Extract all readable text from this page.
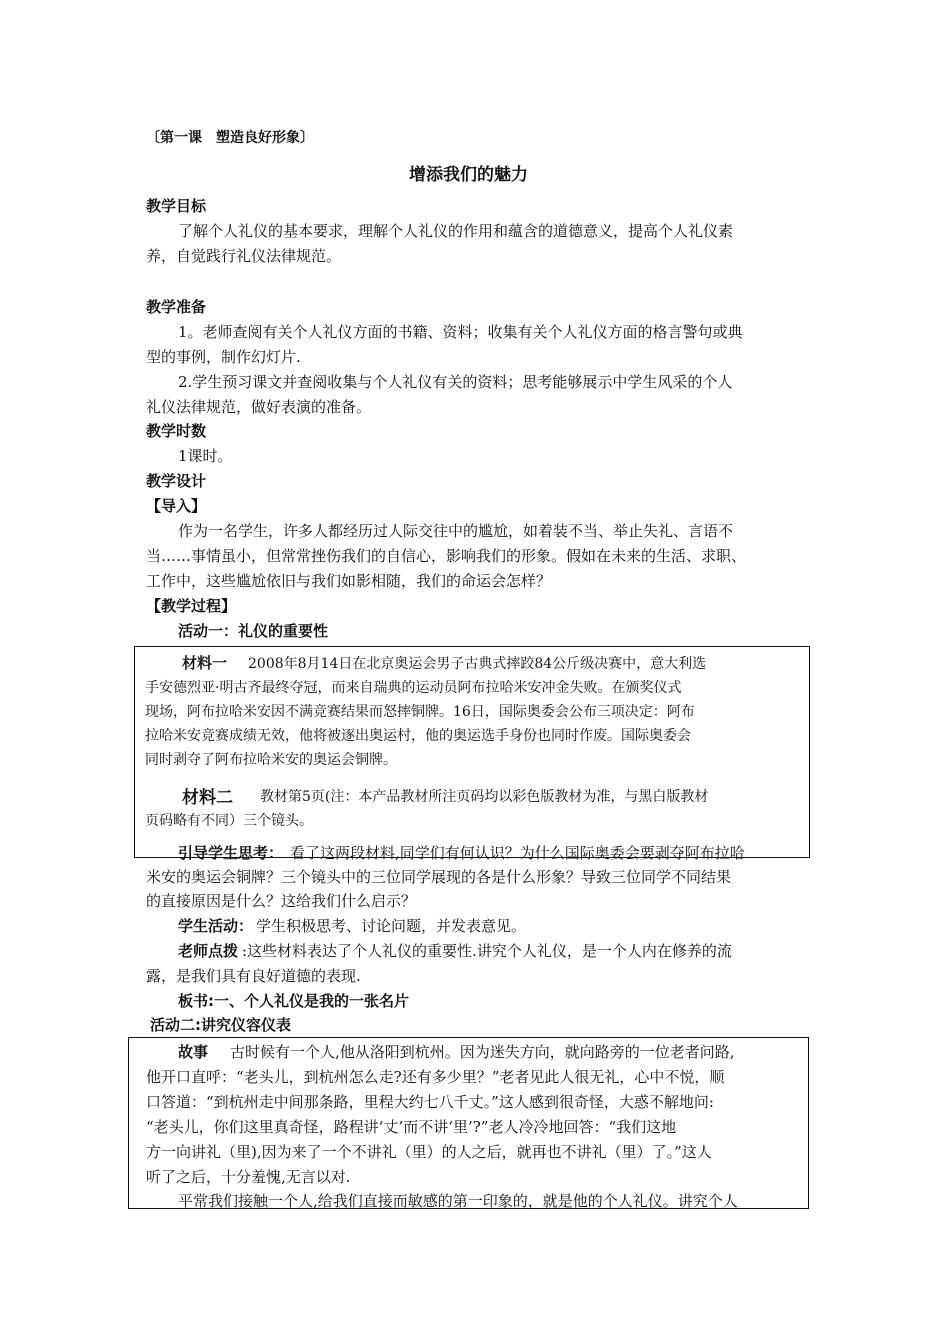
〔第一课　塑造良好形象〕
增添我们的魅力
教学目标
了解个人礼仪的基本要求，理解个人礼仪的作用和蕴含的道德意义，提高个人礼仪素
养，自觉践行礼仪法律规范。
教学准备
1。老师查阅有关个人礼仪方面的书籍、资料；收集有关个人礼仪方面的格言警句或典
型的事例，制作幻灯片.
2.学生预习课文并查阅收集与个人礼仪有关的资料；思考能够展示中学生风采的个人
礼仪法律规范，做好表演的准备。
教学时数
1课时。
教学设计
【导入】
作为一名学生，许多人都经历过人际交往中的尴尬，如着装不当、举止失礼、言语不
当……事情虽小，但常常挫伤我们的自信心，影响我们的形象。假如在未来的生活、求职、
工作中，这些尴尬依旧与我们如影相随，我们的命运会怎样？
【教学过程】
活动一：礼仪的重要性
材料一 2008年8月14日在北京奥运会男子古典式摔跤84公斤级决赛中，意大利选
手安德烈亚·明古齐最终夺冠，而来自瑞典的运动员阿布拉哈米安冲金失败。在颁奖仪式
现场，阿布拉哈米安因不满竞赛结果而怒摔铜牌。16日，国际奥委会公布三项决定：阿布
拉哈米安竞赛成绩无效，他将被逐出奥运村，他的奥运选手身份也同时作废。国际奥委会
同时剥夺了阿布拉哈米安的奥运会铜牌。
材料二 教材第5页(注：本产品教材所注页码均以彩色版教材为准，与黑白版教材
页码略有不同）三个镜头。
引导学生思考： 看了这两段材料,同学们有何认识？为什么国际奥委会要剥夺阿布拉哈
米安的奥运会铜牌？三个镜头中的三位同学展现的各是什么形象？导致三位同学不同结果
的直接原因是什么？这给我们什么启示？
学生活动： 学生积极思考、讨论问题，并发表意见。
老师点拨 :这些材料表达了个人礼仪的重要性.讲究个人礼仪，是一个人内在修养的流
露，是我们具有良好道德的表现.
板书:一、个人礼仪是我的一张名片
活动二:讲究仪容仪表
故事 古时候有一个人,他从洛阳到杭州。因为迷失方向，就向路旁的一位老者问路,
他开口直呼：“老头儿，到杭州怎么走?还有多少里？”老者见此人很无礼，心中不悦，顺
口答道：“到杭州走中间那条路，里程大约七八千丈。”这人感到很奇怪，大惑不解地问:
“老头儿，你们这里真奇怪，路程讲‘丈’而不讲‘里’?”老人冷冷地回答：“我们这地
方一向讲礼（里),因为来了一个不讲礼（里）的人之后，就再也不讲礼（里）了。”这人
听了之后，十分羞愧,无言以对.
平常我们接触一个人,给我们直接而敏感的第一印象的，就是他的个人礼仪。讲究个人
